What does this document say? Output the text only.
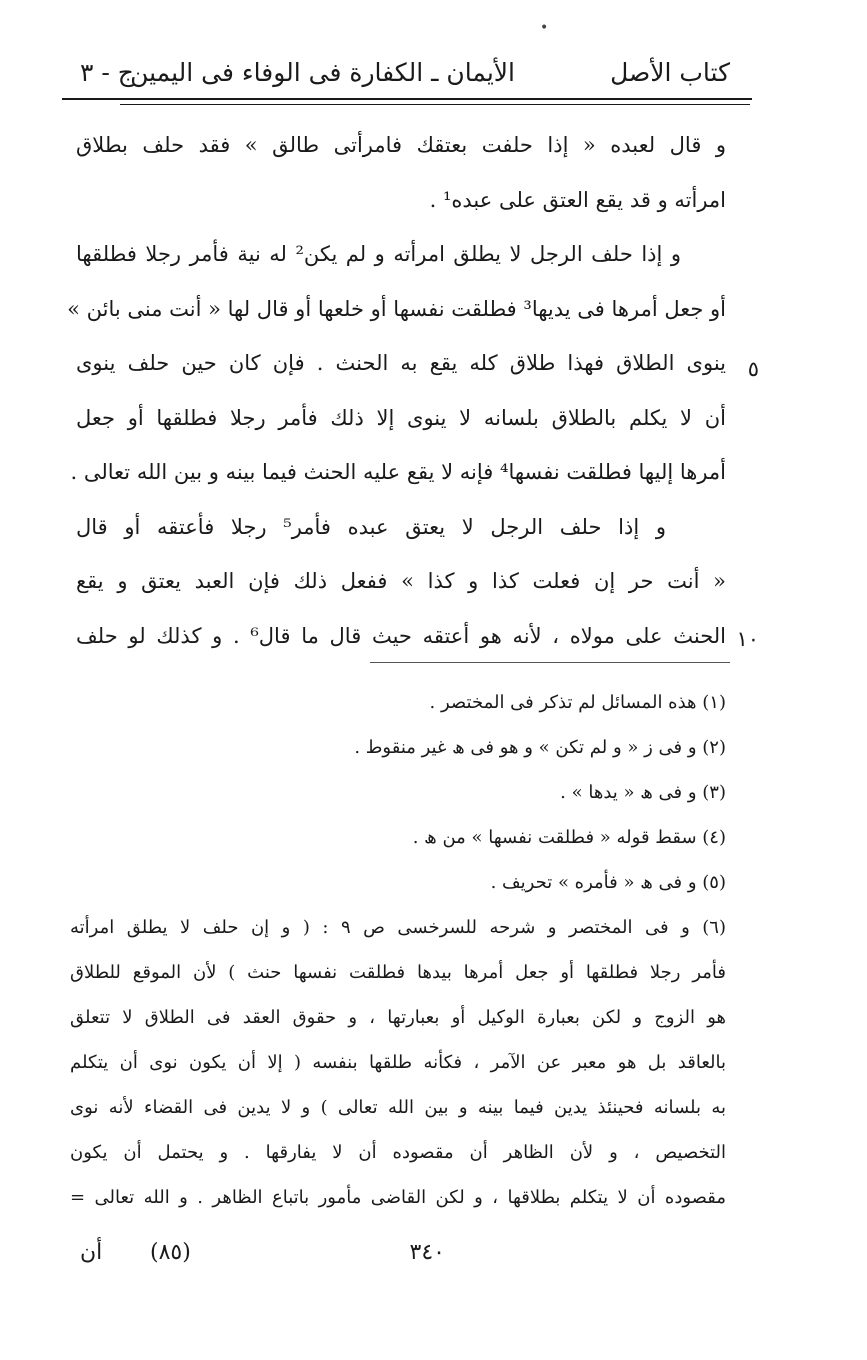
•
كتاب الأصل
الأيمان ـ الكفارة فى الوفاء فى اليمين
ج - ٣
و قال لعبده « إذا حلفت بعتقك فامرأتى طالق » فقد حلف بطلاق
امرأته و قد يقع العتق على عبده¹ .
و إذا حلف الرجل لا يطلق امرأته و لم يكن² له نية فأمر رجلا فطلقها
أو جعل أمرها فى يديها³ فطلقت نفسها أو خلعها أو قال لها « أنت منى بائن »
ينوى الطلاق فهذا طلاق كله يقع به الحنث . فإن كان حين حلف ينوى
أن لا يكلم بالطلاق بلسانه لا ينوى إلا ذلك فأمر رجلا فطلقها أو جعل
أمرها إليها فطلقت نفسها⁴ فإنه لا يقع عليه الحنث فيما بينه و بين الله تعالى .
و إذا حلف الرجل لا يعتق عبده فأمر⁵ رجلا فأعتقه أو قال
« أنت حر إن فعلت كذا و كذا » ففعل ذلك فإن العبد يعتق و يقع
الحنث على مولاه ، لأنه هو أعتقه حيث قال ما قال⁶ . و كذلك لو حلف
٥
١٠
(١) هذه المسائل لم تذكر فى المختصر .
(٢) و فى ز « و لم تكن » و هو فى ھ غير منقوط .
(٣) و فى ھ « يدها » .
(٤) سقط قوله « فطلقت نفسها » من ھ .
(٥) و فى ھ « فأمره » تحريف .
(٦) و فى المختصر و شرحه للسرخسى ص ٩ : ( و إن حلف لا يطلق امرأته
فأمر رجلا فطلقها أو جعل أمرها بيدها فطلقت نفسها حنث ) لأن الموقع للطلاق
هو الزوج و لكن بعبارة الوكيل أو بعبارتها ، و حقوق العقد فى الطلاق لا تتعلق
بالعاقد بل هو معبر عن الآمر ، فكأنه طلقها بنفسه ( إلا أن يكون نوى أن يتكلم
به بلسانه فحينئذ يدين فيما بينه و بين الله تعالى ) و لا يدين فى القضاء لأنه نوى
التخصيص ، و لأن الظاهر أن مقصوده أن لا يفارقها . و يحتمل أن يكون
مقصوده أن لا يتكلم بطلاقها ، و لكن القاضى مأمور باتباع الظاهر . و الله تعالى =
٣٤٠
(٨٥)
أن
